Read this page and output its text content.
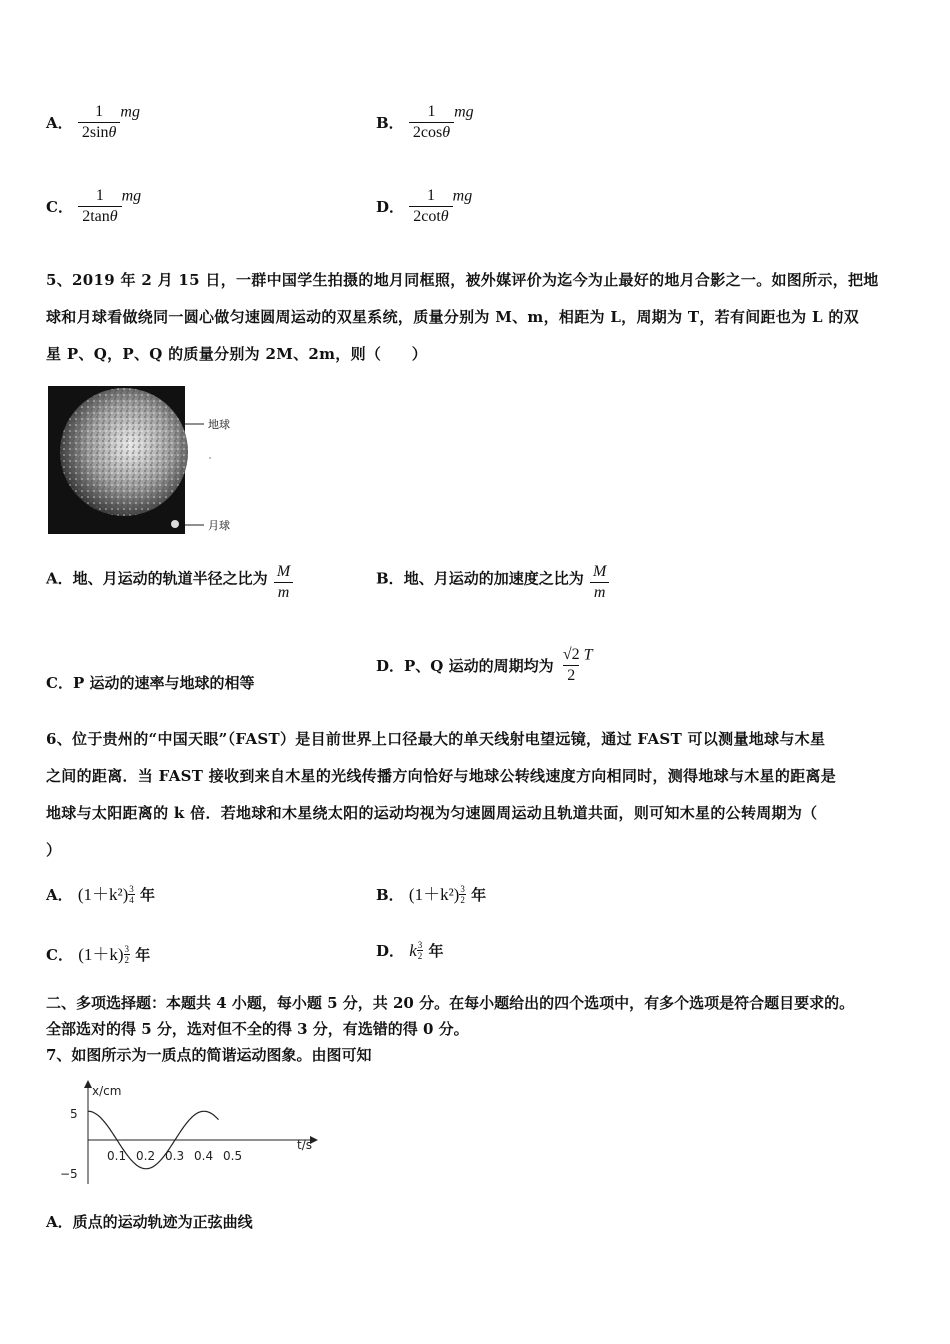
A． $\frac{1}{2\sin\theta}$ mg
B． $\frac{1}{2\cos\theta}$ mg
C． $\frac{1}{2\tan\theta}$ mg
D． $\frac{1}{2\cot\theta}$ mg
5、2019 年 2 月 15 日，一群中国学生拍摄的地月同框照，被外媒评价为迄今为止最好的地月合影之一。如图所示，把地
球和月球看做绕同一圆心做匀速圆周运动的双星系统，质量分别为 M、m，相距为 L，周期为 T，若有间距也为 L 的双
星 P、Q，P、Q 的质量分别为 2M、2m，则（　　）
地球
月球
A．地、月运动的轨道半径之比为 $\frac{M}{m}$	B．地、月运动的加速度之比为 $\frac{M}{m}$
C．P 运动的速率与地球的相等
D．P、Q 运动的周期均为 $\frac{√2}{2}$ T
6、位于贵州的“中国天眼”（FAST）是目前世界上口径最大的单天线射电望远镜，通过 FAST 可以测量地球与木星
之间的距离．当 FAST 接收到来自木星的光线传播方向恰好与地球公转线速度方向相同时，测得地球与木星的距离是
地球与太阳距离的 k 倍．若地球和木星绕太阳的运动均视为匀速圆周运动且轨道共面，则可知木星的公转周期为（
）
A． $(1+k^2) \frac{3}{4}$ 年	B． $(1+k^2) \frac{3}{2}$ 年
C． $(1+k) \frac{3}{2}$ 年	D． k $\frac{3}{2}$ 年
二、多项选择题：本题共 4 小题，每小题 5 分，共 20 分。在每小题给出的四个选项中，有多个选项是符合题目要求的。
全部选对的得 5 分，选对但不全的得 3 分，有选错的得 0 分。
7、如图所示为一质点的简谐运动图象。由图可知
x/cm
t/s
5
−5
0.1 0.2 0.3 0.4 0.5
A．质点的运动轨迹为正弦曲线
